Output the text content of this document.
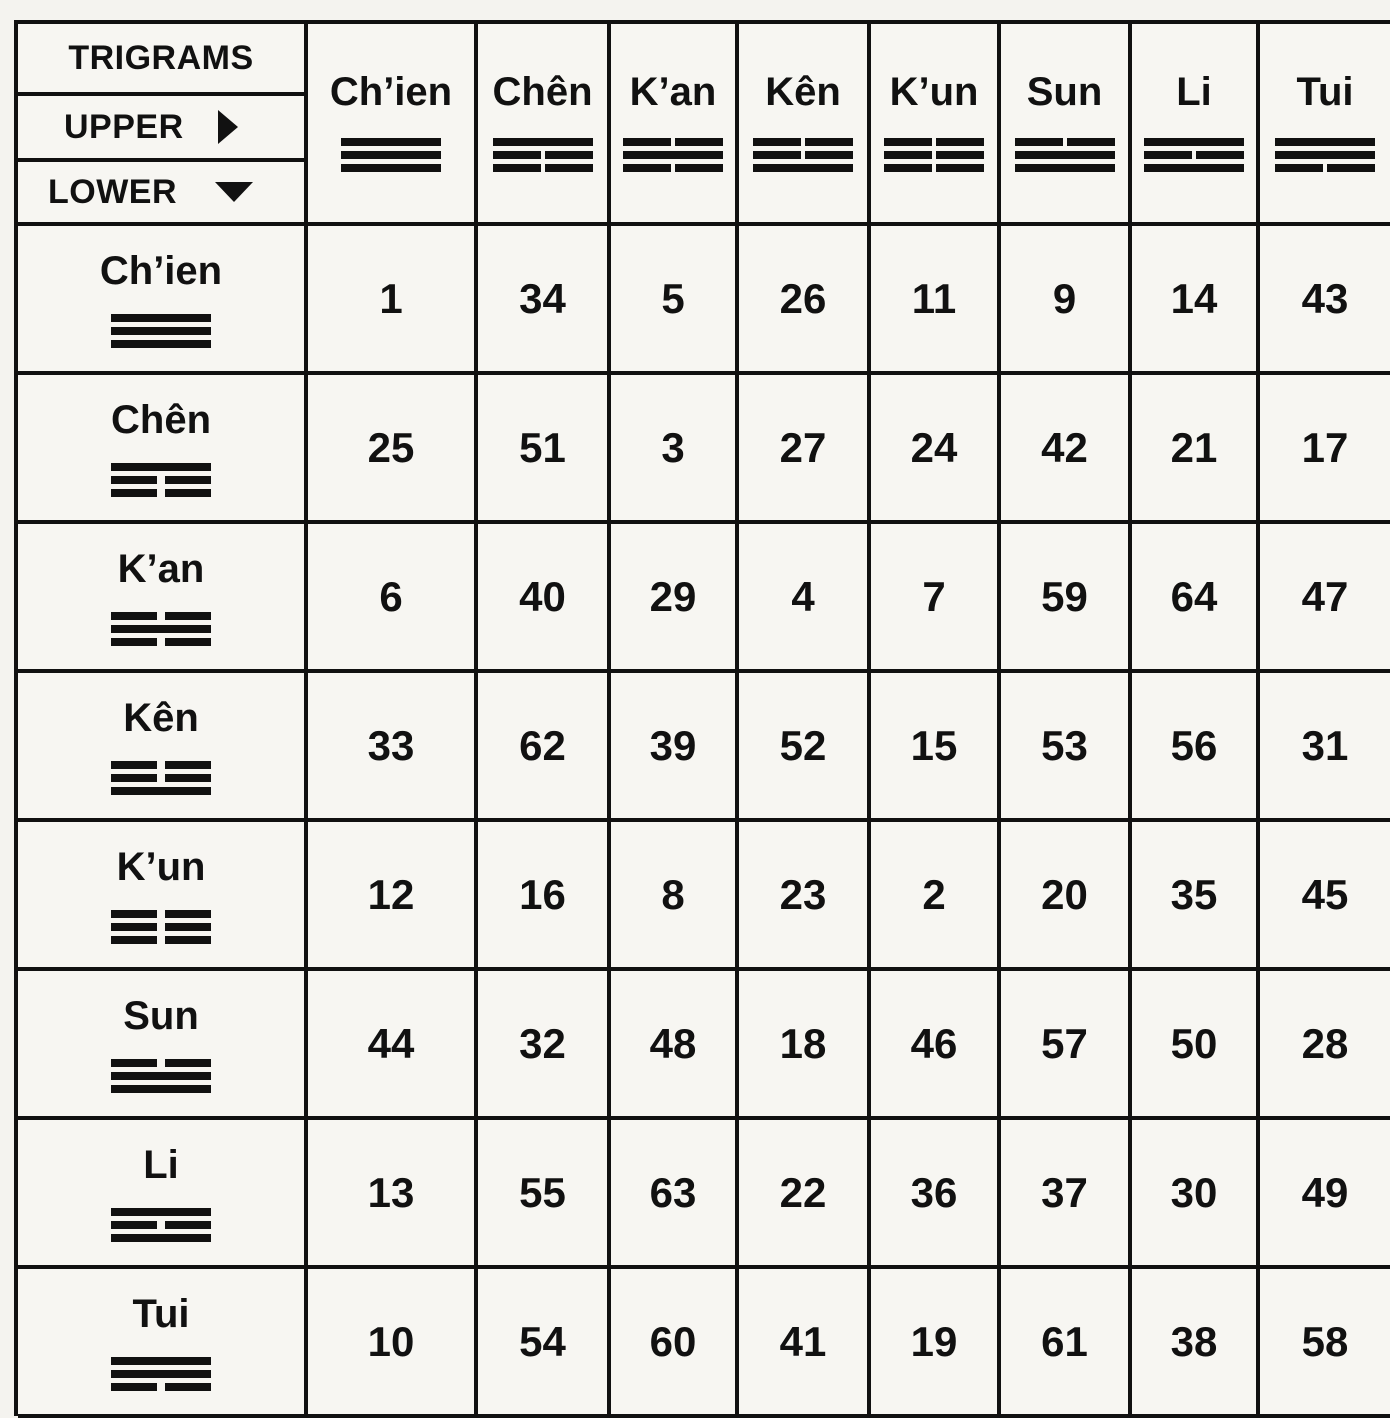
TRIGRAMS
UPPER
LOWER
Ch’ien Chên K’an Kên K’un Sun Li Tui
Ch’ien
1	34 5 26 11 9 14 43
Chên
25 51 3 27 24 42 21 17
K’an
6	40 29 4	7 59 64 47
Kên
33 62 39 52 15 53 56 31
K’un
12 16 8 23 2 20 35 45
Sun
44 32 48 18 46 57 50 28
Li
13 55 63 22 36 37 30 49
Tui
10 54 60 41 19 61 38 58
